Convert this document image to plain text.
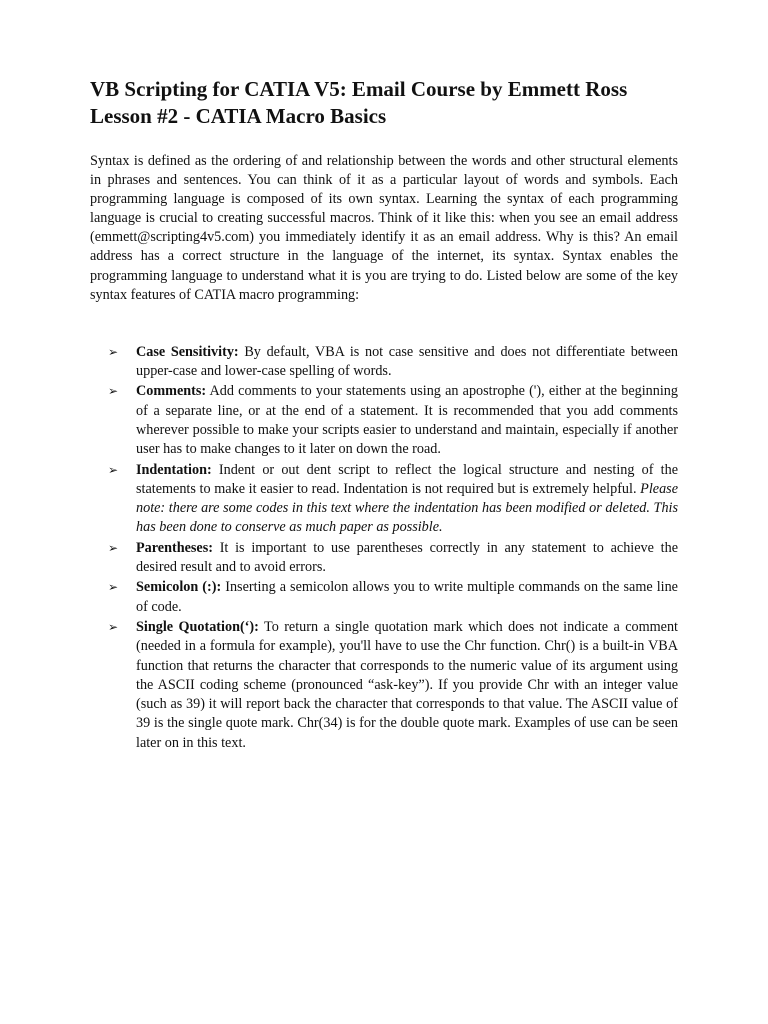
VB Scripting for CATIA V5: Email Course by Emmett Ross
Lesson #2 - CATIA Macro Basics

Syntax is defined as the ordering of and relationship between the words and other structural elements in phrases and sentences. You can think of it as a particular layout of words and symbols. Each programming language is composed of its own syntax. Learning the syntax of each programming language is crucial to creating successful macros. Think of it like this: when you see an email address (emmett@scripting4v5.com) you immediately identify it as an email address. Why is this? An email address has a correct structure in the language of the internet, its syntax. Syntax enables the programming language to understand what it is you are trying to do. Listed below are some of the key syntax features of CATIA macro programming:

➢ Case Sensitivity: By default, VBA is not case sensitive and does not differentiate between upper-case and lower-case spelling of words.
➢ Comments: Add comments to your statements using an apostrophe ('), either at the beginning of a separate line, or at the end of a statement. It is recommended that you add comments wherever possible to make your scripts easier to understand and maintain, especially if another user has to make changes to it later on down the road.
➢ Indentation: Indent or out dent script to reflect the logical structure and nesting of the statements to make it easier to read. Indentation is not required but is extremely helpful. Please note: there are some codes in this text where the indentation has been modified or deleted. This has been done to conserve as much paper as possible.
➢ Parentheses: It is important to use parentheses correctly in any statement to achieve the desired result and to avoid errors.
➢ Semicolon (:): Inserting a semicolon allows you to write multiple commands on the same line of code.
➢ Single Quotation(‘): To return a single quotation mark which does not indicate a comment (needed in a formula for example), you'll have to use the Chr function. Chr() is a built-in VBA function that returns the character that corresponds to the numeric value of its argument using the ASCII coding scheme (pronounced “ask-key”). If you provide Chr with an integer value (such as 39) it will report back the character that corresponds to that value. The ASCII value of 39 is the single quote mark. Chr(34) is for the double quote mark. Examples of use can be seen later on in this text.
